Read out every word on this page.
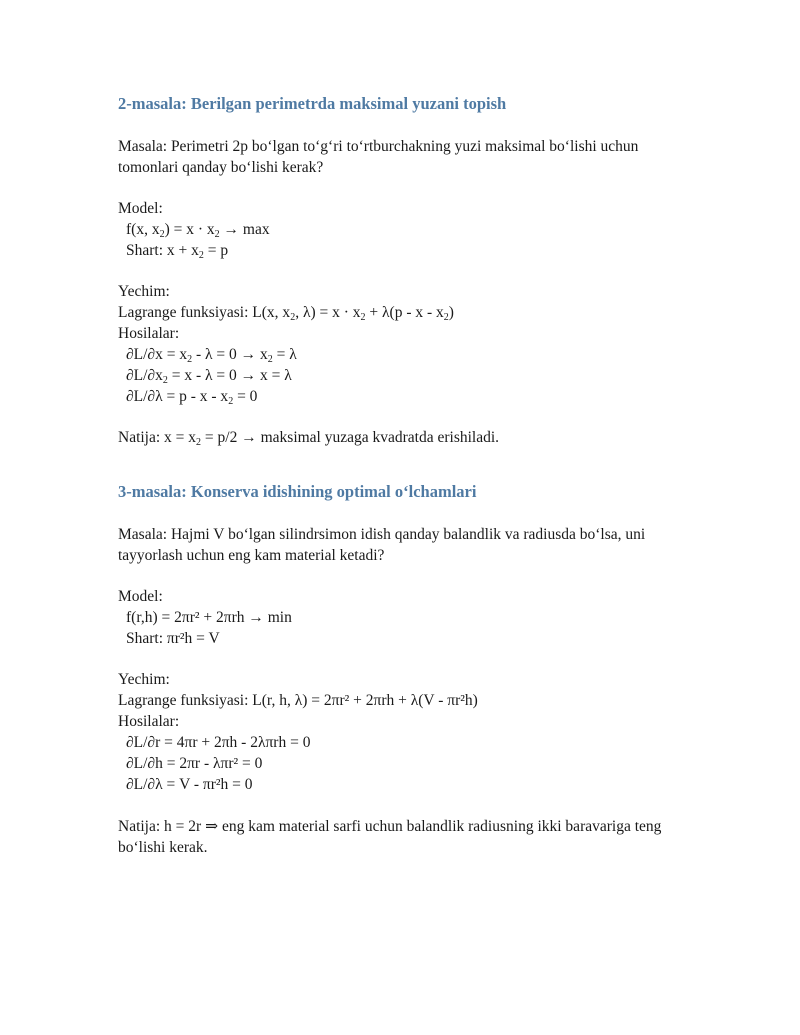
2-masala: Berilgan perimetrda maksimal yuzani topish
Masala: Perimetri 2p bo‘lgan to‘g‘ri to‘rtburchakning yuzi maksimal bo‘lishi uchun
tomonlari qanday bo‘lishi kerak?
Model:
f(x, $x_2) = x \cdot x_2 \to \max$
Shart: $x + x_2 = p$
Yechim:
Lagrange funksiyasi: L(x, $x_2$, $\lambda) = x \cdot x_2 + \lambda(p - x - x_2)$
Hosilalar:
$\partial L/\partial x = x_2 - \lambda = 0 \to x_2 = \lambda$
$\partial L/\partial x_2 = x - \lambda = 0 \to x = \lambda$
$\partial L/\partial\lambda = p - x - x_2 = 0$
Natija: $x = x_2 = p/2$ → maksimal yuzaga kvadratda erishiladi.
3-masala: Konserva idishining optimal o‘lchamlari
Masala: Hajmi V bo‘lgan silindrsimon idish qanday balandlik va radiusda bo‘lsa, uni
tayyorlash uchun eng kam material ketadi?
Model:
f(r,h) = 2πr² + 2πrh → min
Shart: πr²h = V
Yechim:
Lagrange funksiyasi: L(r, h, λ) = 2πr² + 2πrh + λ(V - πr²h)
Hosilalar:
∂L/∂r = 4πr + 2πh - 2λπrh = 0
∂L/∂h = 2πr - λπr² = 0
∂L/∂λ = V - πr²h = 0
Natija: h = 2r ⇒ eng kam material sarfi uchun balandlik radiusning ikki baravariga teng
bo‘lishi kerak.
